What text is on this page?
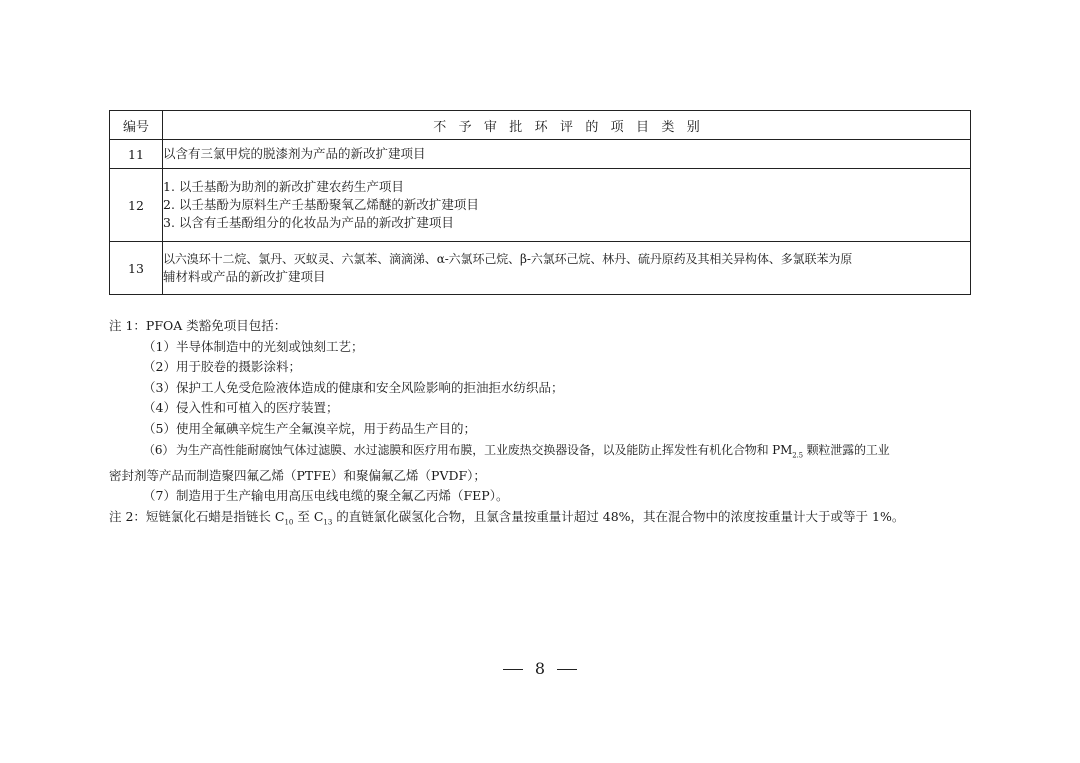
编号	不予审批环评的项目类别
11	以含有三氯甲烷的脱漆剂为产品的新改扩建项目

12	1. 以壬基酚为助剂的新改扩建农药生产项目
2. 以壬基酚为原料生产壬基酚聚氧乙烯醚的新改扩建项目
3. 以含有壬基酚组分的化妆品为产品的新改扩建项目

13	以六溴环十二烷、氯丹、灭蚁灵、六氯苯、滴滴涕、α-六氯环己烷、β-六氯环己烷、林丹、硫丹原药及其相关异构体、多氯联苯为原
辅材料或产品的新改扩建项目
注 1：PFOA 类豁免项目包括：
（1）半导体制造中的光刻或蚀刻工艺；
（2）用于胶卷的摄影涂料；
（3）保护工人免受危险液体造成的健康和安全风险影响的拒油拒水纺织品；
（4）侵入性和可植入的医疗装置；
（5）使用全氟碘辛烷生产全氟溴辛烷，用于药品生产目的；
（6） 为生产高性能耐腐蚀气体过滤膜、水过滤膜和医疗用布膜，工业废热交换器设备，以及能防止挥发性有机化合物和 $PM_{2.5}$ 颗粒泄露的工业
密封剂等产品而制造聚四氟乙烯（PTFE）和聚偏氟乙烯（PVDF）；
（7）制造用于生产输电用高压电线电缆的聚全氟乙丙烯（FEP）。
注 2：短链氯化石蜡是指链长 $C_{10}$ 至 $C_{13}$ 的直链氯化碳氢化合物，且氯含量按重量计超过 48%，其在混合物中的浓度按重量计大于或等于 1%。
8
